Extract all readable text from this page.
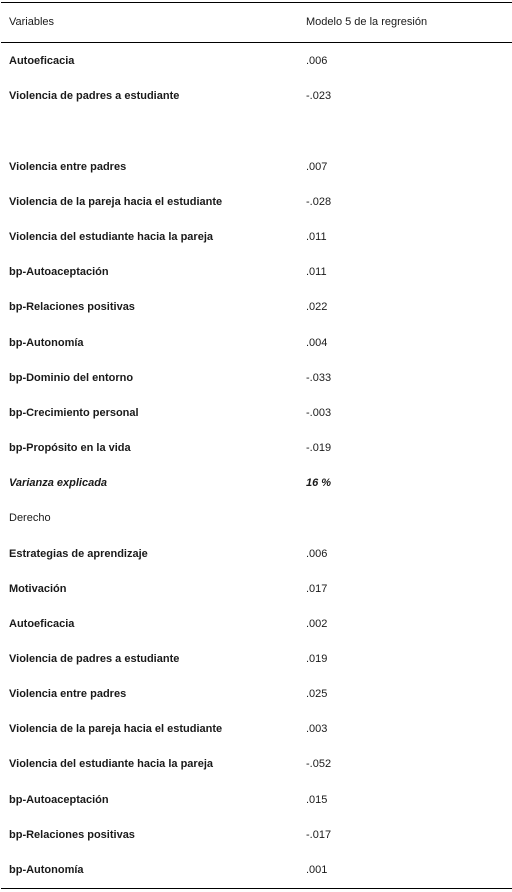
Variables	Modelo 5 de la regresión
Autoeficacia	.006
Violencia de padres a estudiante	-.023
Violencia entre padres	.007
Violencia de la pareja hacia el estudiante	-.028
Violencia del estudiante hacia la pareja	.011
bp-Autoaceptación	.011
bp-Relaciones positivas	.022
bp-Autonomía	.004
bp-Dominio del entorno	-.033
bp-Crecimiento personal	-.003
bp-Propósito en la vida	-.019
Varianza explicada	16 %
Derecho
Estrategias de aprendizaje	.006
Motivación	.017
Autoeficacia	.002
Violencia de padres a estudiante	.019
Violencia entre padres	.025
Violencia de la pareja hacia el estudiante	.003
Violencia del estudiante hacia la pareja	-.052
bp-Autoaceptación	.015
bp-Relaciones positivas	-.017
bp-Autonomía	.001
